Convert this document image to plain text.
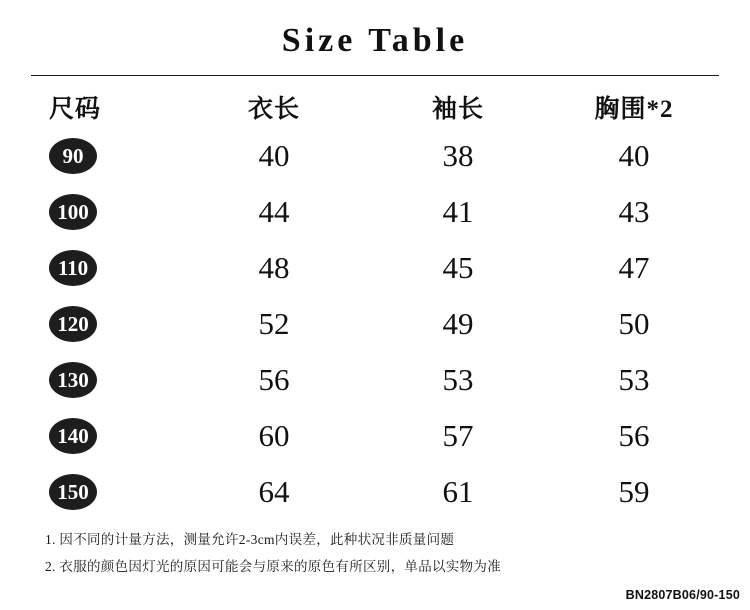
Size Table
尺码	衣长	袖长	胸围*2
90	40	38	40
100	44	41	43
110	48	45	47
120	52	49	50
130	56	53	53
140	60	57	56
150	64	61	59
1. 因不同的计量方法，测量允许2-3cm内误差，此种状况非质量问题
2. 衣服的颜色因灯光的原因可能会与原来的原色有所区别，单品以实物为准
BN2807B06/90-150
